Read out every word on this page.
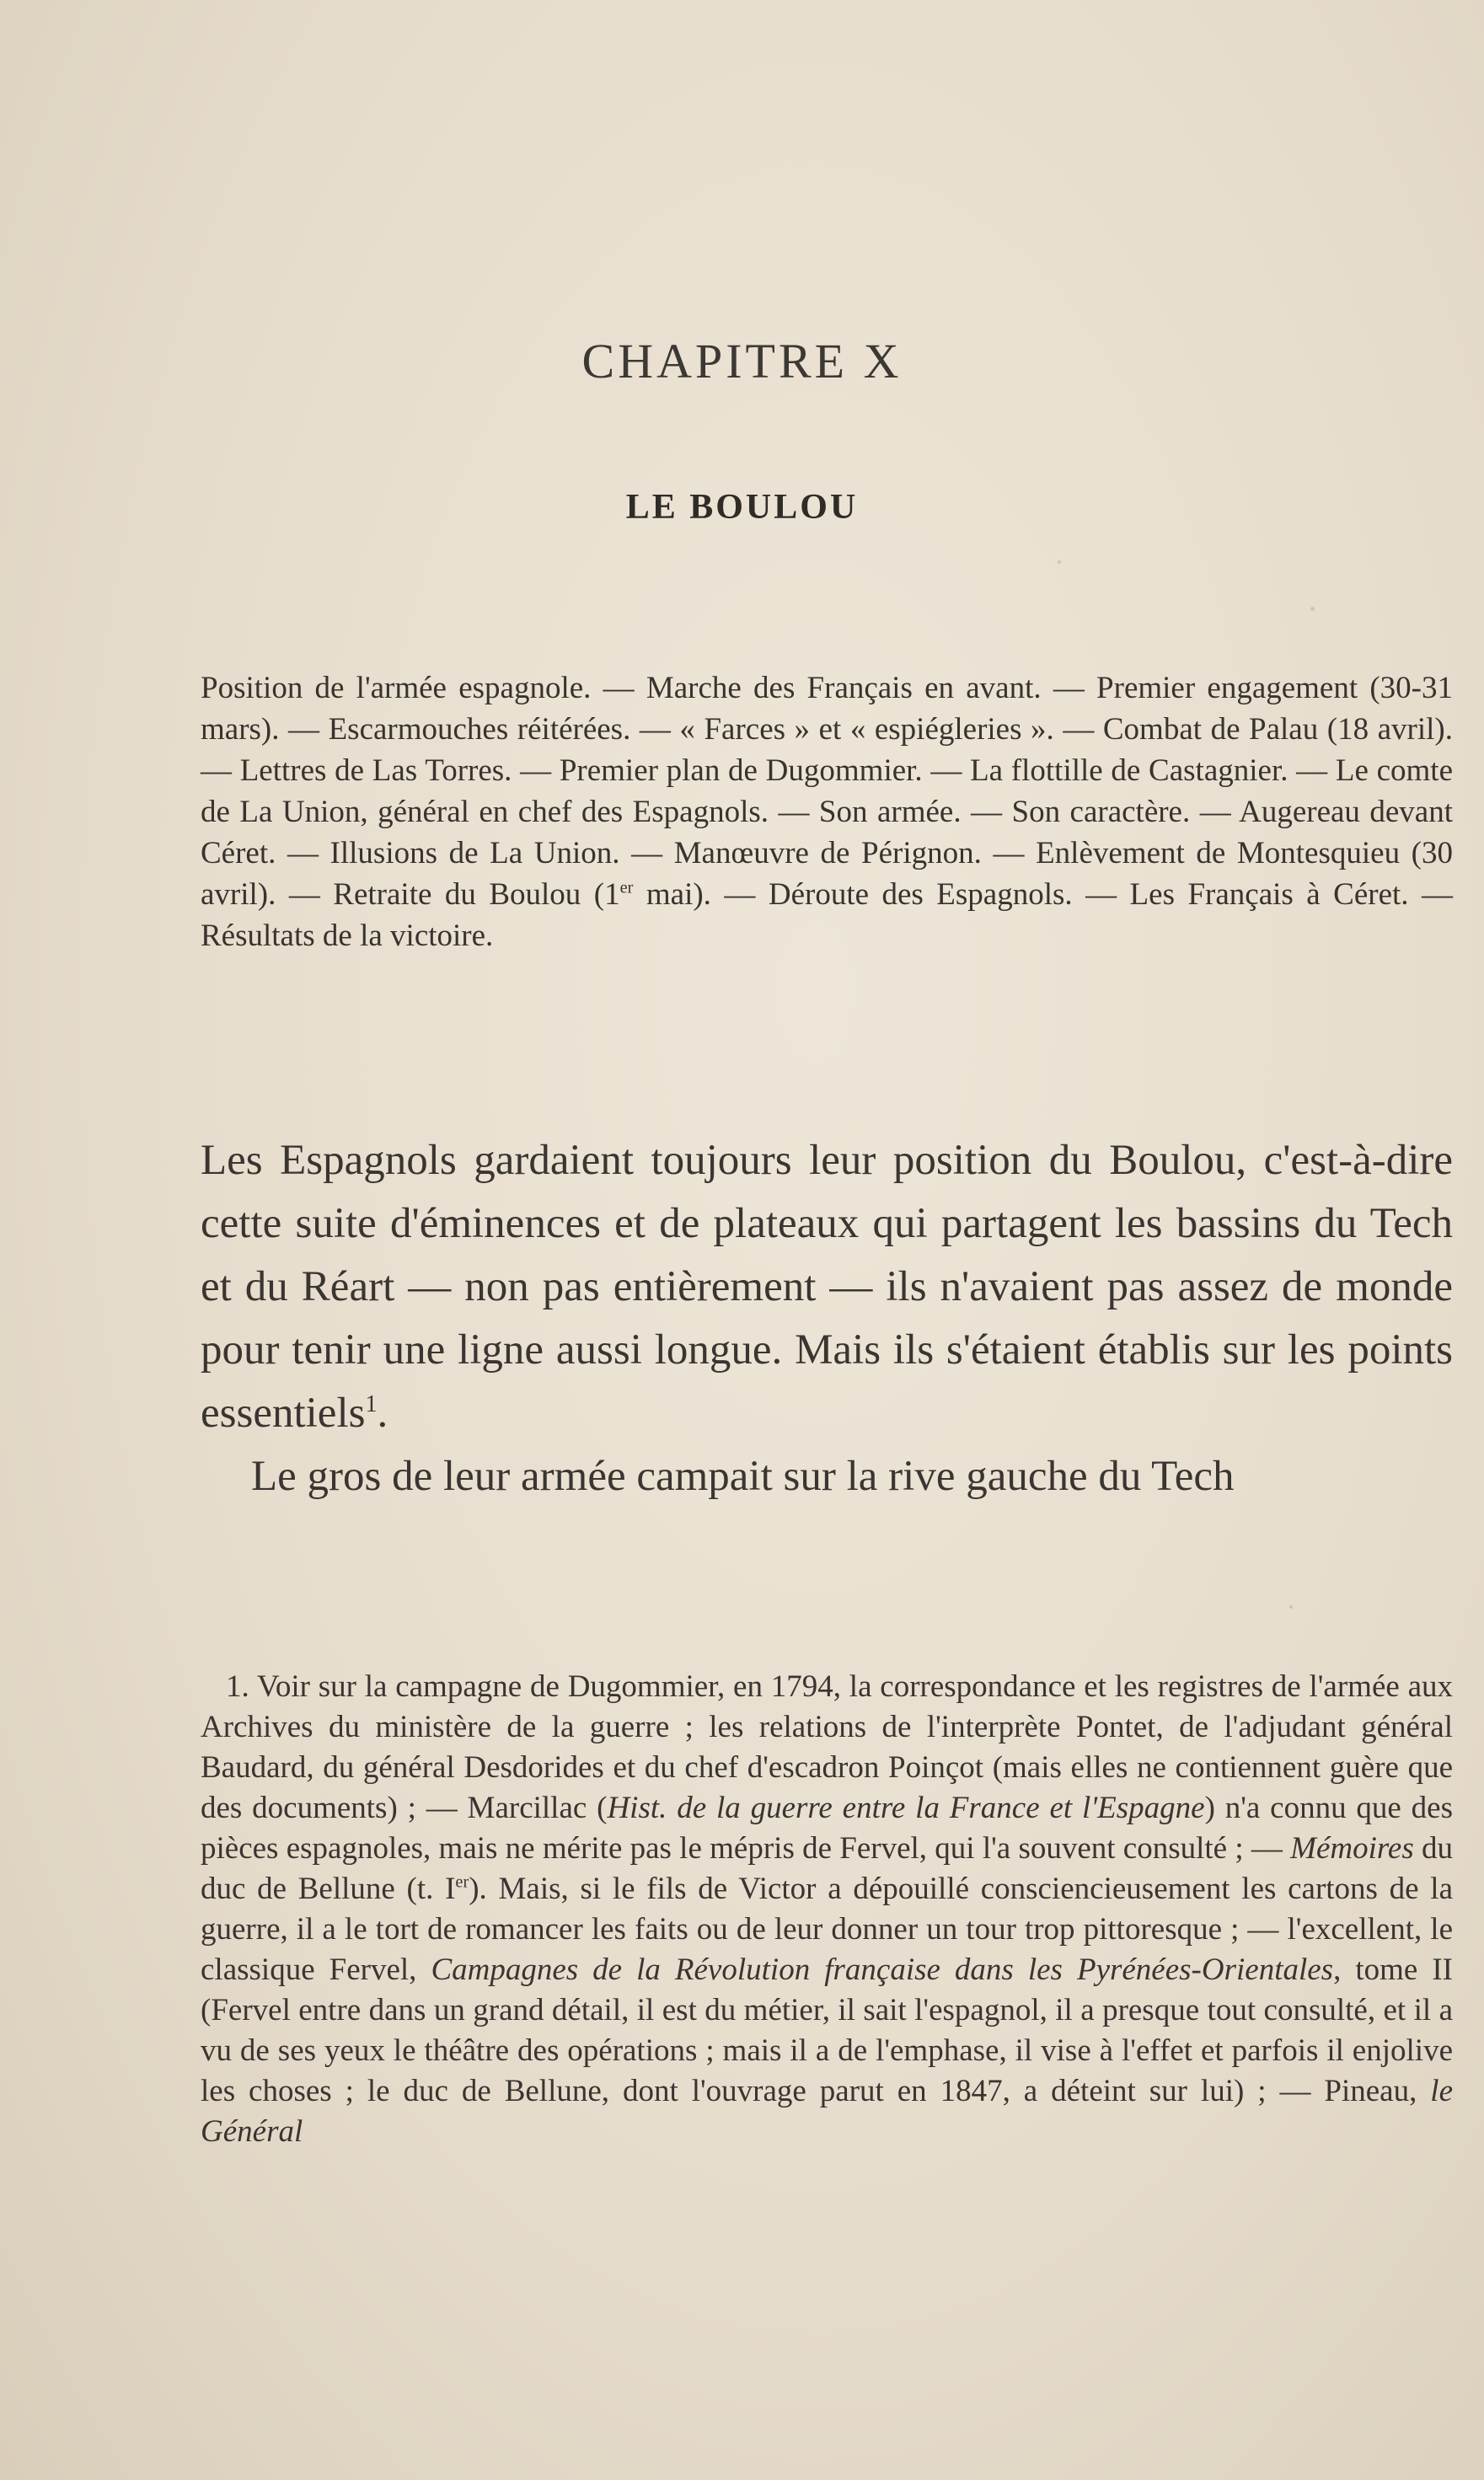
CHAPITRE X
LE BOULOU
Position de l'armée espagnole. — Marche des Français en avant. — Premier engagement (30-31 mars). — Escarmouches réitérées. — « Farces » et « espiégleries ». — Combat de Palau (18 avril). — Lettres de Las Torres. — Premier plan de Dugommier. — La flottille de Castagnier. — Le comte de La Union, général en chef des Espagnols. — Son armée. — Son caractère. — Augereau devant Céret. — Illusions de La Union. — Manœuvre de Pérignon. — Enlèvement de Montesquieu (30 avril). — Retraite du Boulou (1er mai). — Déroute des Espagnols. — Les Français à Céret. — Résultats de la victoire.

Les Espagnols gardaient toujours leur position du Boulou, c'est-à-dire cette suite d'éminences et de plateaux qui partagent les bassins du Tech et du Réart — non pas entièrement — ils n'avaient pas assez de monde pour tenir une ligne aussi longue. Mais ils s'étaient établis sur les points essentiels$^1$.

Le gros de leur armée campait sur la rive gauche du Tech

1. Voir sur la campagne de Dugommier, en 1794, la correspondance et les registres de l'armée aux Archives du ministère de la guerre ; les relations de l'interprète Pontet, de l'adjudant général Baudard, du général Desdorides et du chef d'escadron Poinçot (mais elles ne contiennent guère que des documents) ; — Marcillac (Hist. de la guerre entre la France et l'Espagne) n'a connu que des pièces espagnoles, mais ne mérite pas le mépris de Fervel, qui l'a souvent consulté ; — Mémoires du duc de Bellune (t. Ier). Mais, si le fils de Victor a dépouillé consciencieusement les cartons de la guerre, il a le tort de romancer les faits ou de leur donner un tour trop pittoresque ; — l'excellent, le classique Fervel, Campagnes de la Révolution française dans les Pyrénées-Orientales, tome II (Fervel entre dans un grand détail, il est du métier, il sait l'espagnol, il a presque tout consulté, et il a vu de ses yeux le théâtre des opérations ; mais il a de l'emphase, il vise à l'effet et parfois il enjolive les choses ; le duc de Bellune, dont l'ouvrage parut en 1847, a déteint sur lui) ; — Pineau, le Général
